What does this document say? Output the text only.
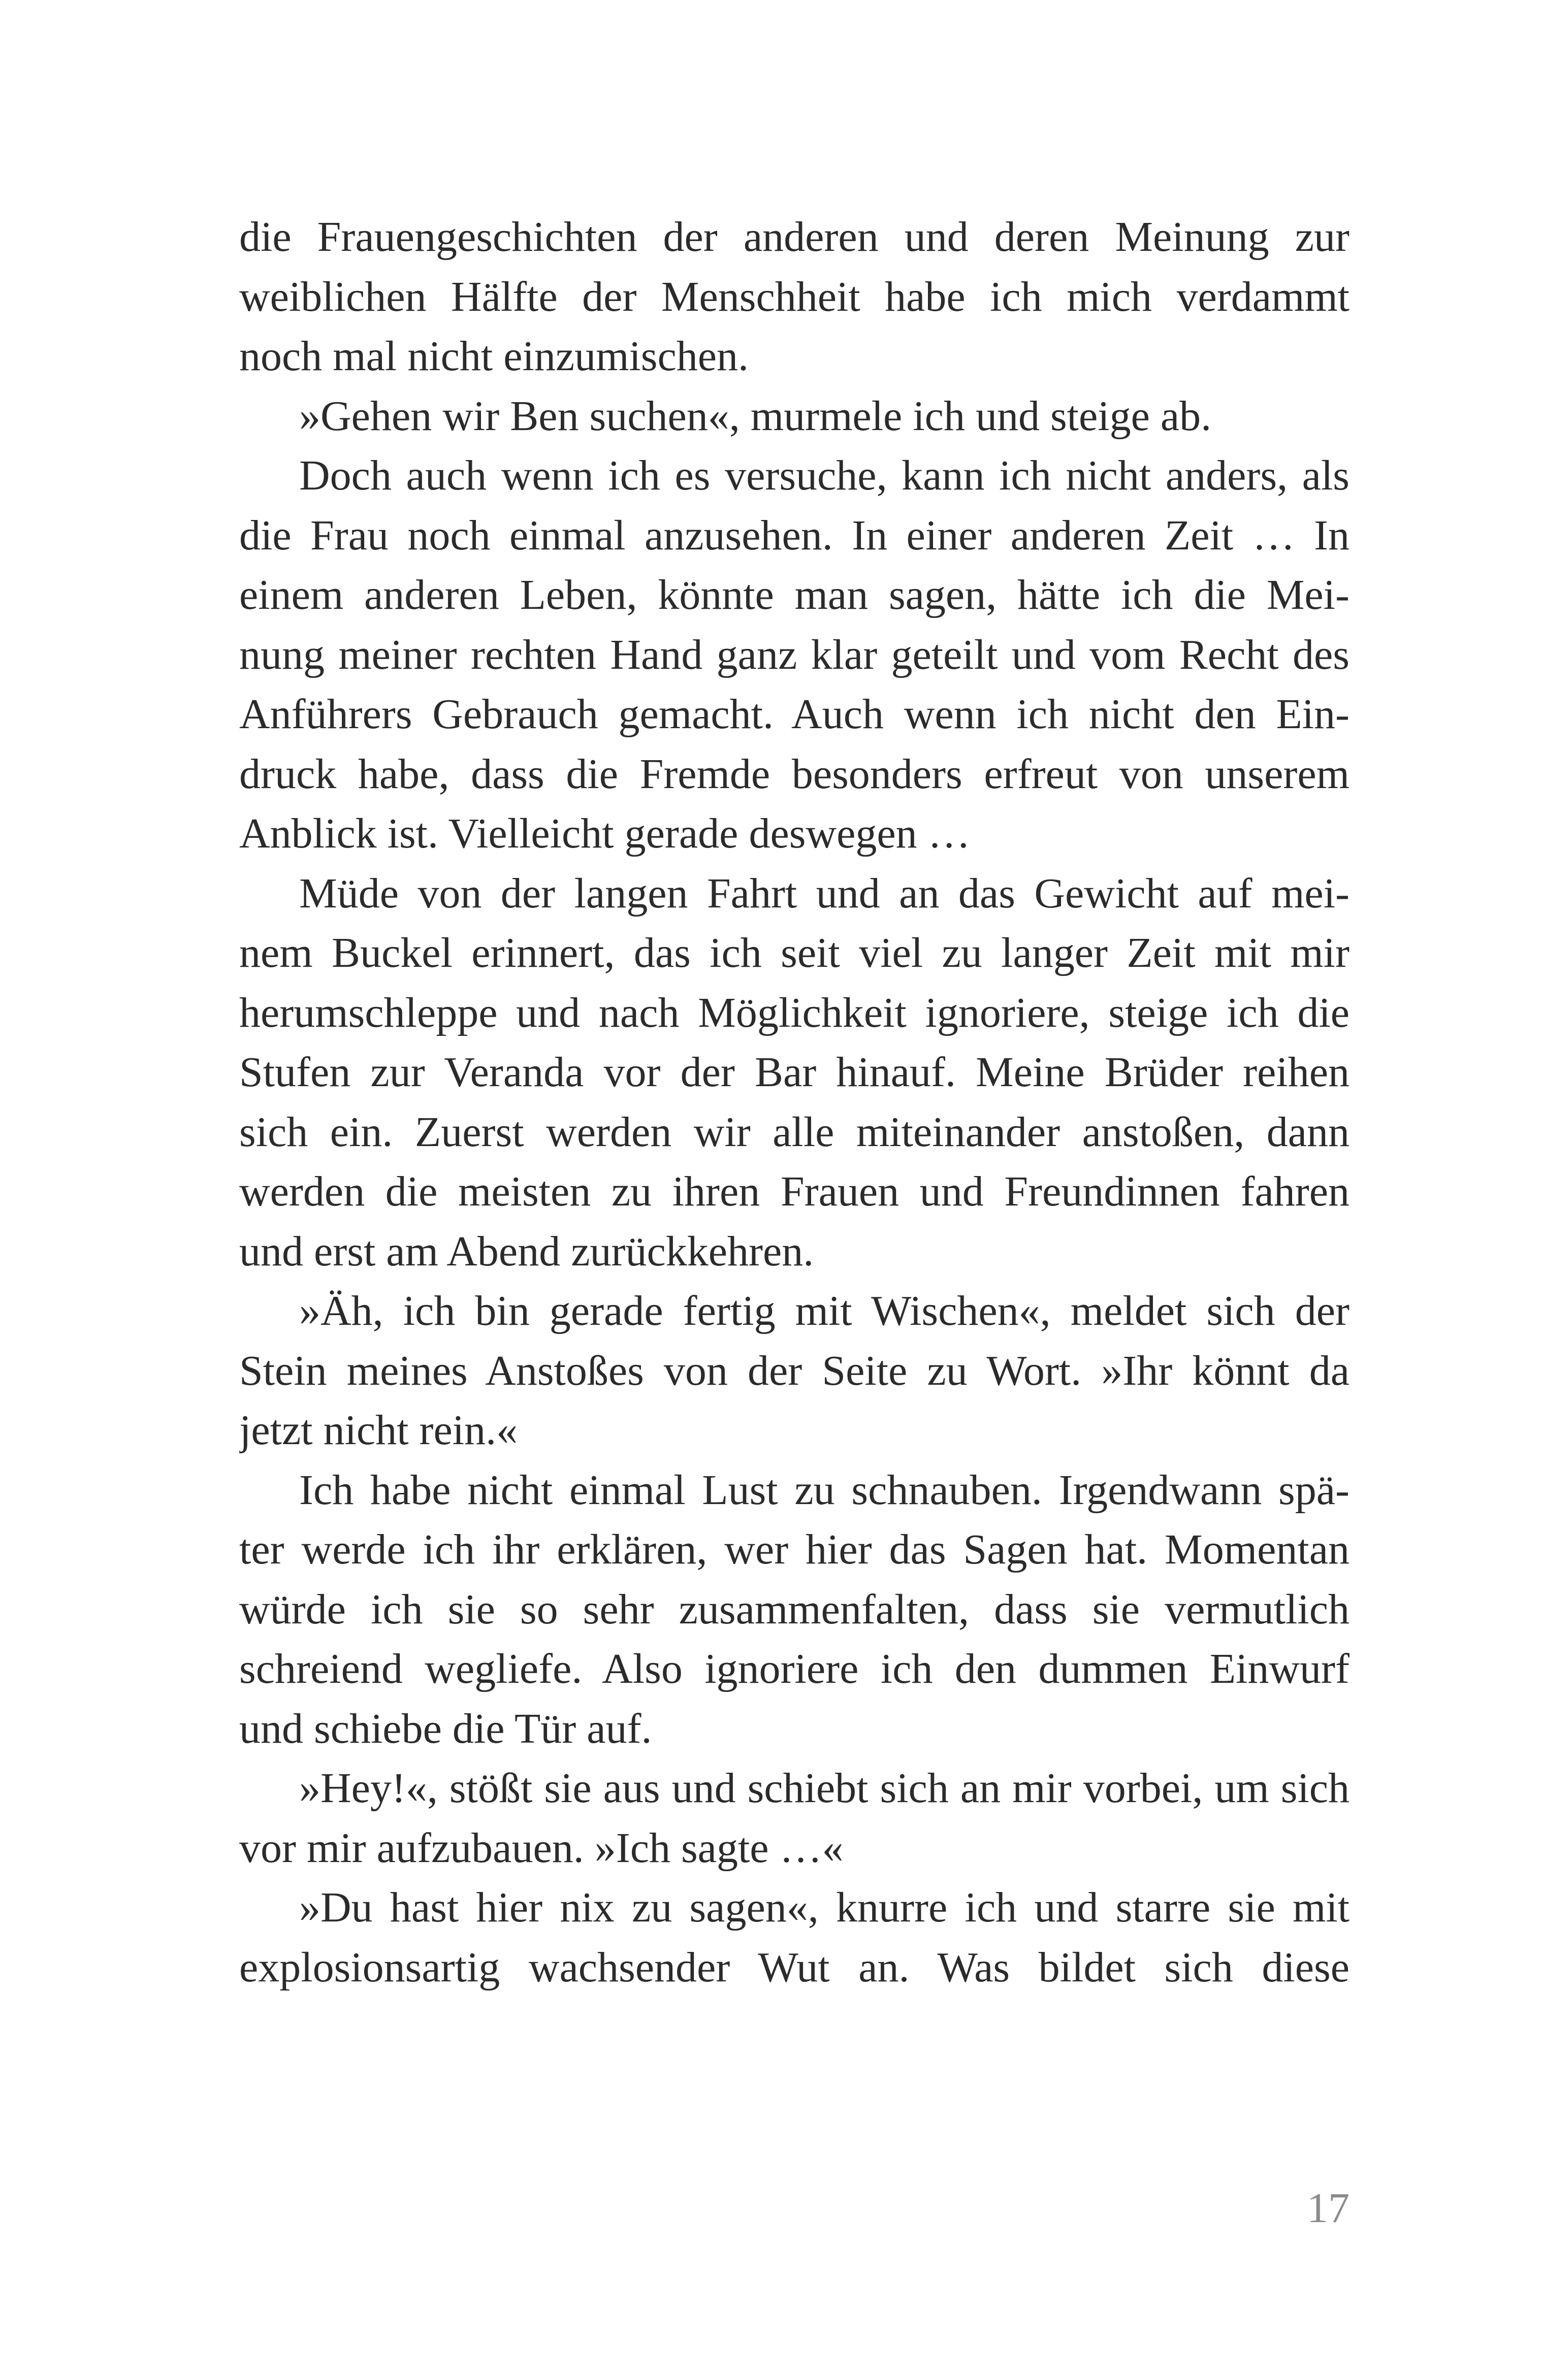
die Frauengeschichten der anderen und deren Meinung zur
weiblichen Hälfte der Menschheit habe ich mich verdammt
noch mal nicht einzumischen.
»Gehen wir Ben suchen«, murmele ich und steige ab.
Doch auch wenn ich es versuche, kann ich nicht anders, als
die Frau noch einmal anzusehen. In einer anderen Zeit … In
einem anderen Leben, könnte man sagen, hätte ich die Mei-
nung meiner rechten Hand ganz klar geteilt und vom Recht des
Anführers Gebrauch gemacht. Auch wenn ich nicht den Ein-
druck habe, dass die Fremde besonders erfreut von unserem
Anblick ist. Vielleicht gerade deswegen …
Müde von der langen Fahrt und an das Gewicht auf mei-
nem Buckel erinnert, das ich seit viel zu langer Zeit mit mir
herumschleppe und nach Möglichkeit ignoriere, steige ich die
Stufen zur Veranda vor der Bar hinauf. Meine Brüder reihen
sich ein. Zuerst werden wir alle miteinander anstoßen, dann
werden die meisten zu ihren Frauen und Freundinnen fahren
und erst am Abend zurückkehren.
»Äh, ich bin gerade fertig mit Wischen«, meldet sich der
Stein meines Anstoßes von der Seite zu Wort. »Ihr könnt da
jetzt nicht rein.«
Ich habe nicht einmal Lust zu schnauben. Irgendwann spä-
ter werde ich ihr erklären, wer hier das Sagen hat. Momentan
würde ich sie so sehr zusammenfalten, dass sie vermutlich
schreiend wegliefe. Also ignoriere ich den dummen Einwurf
und schiebe die Tür auf.
»Hey!«, stößt sie aus und schiebt sich an mir vorbei, um sich
vor mir aufzubauen. »Ich sagte …«
»Du hast hier nix zu sagen«, knurre ich und starre sie mit
explosionsartig wachsender Wut an. Was bildet sich diese
17
